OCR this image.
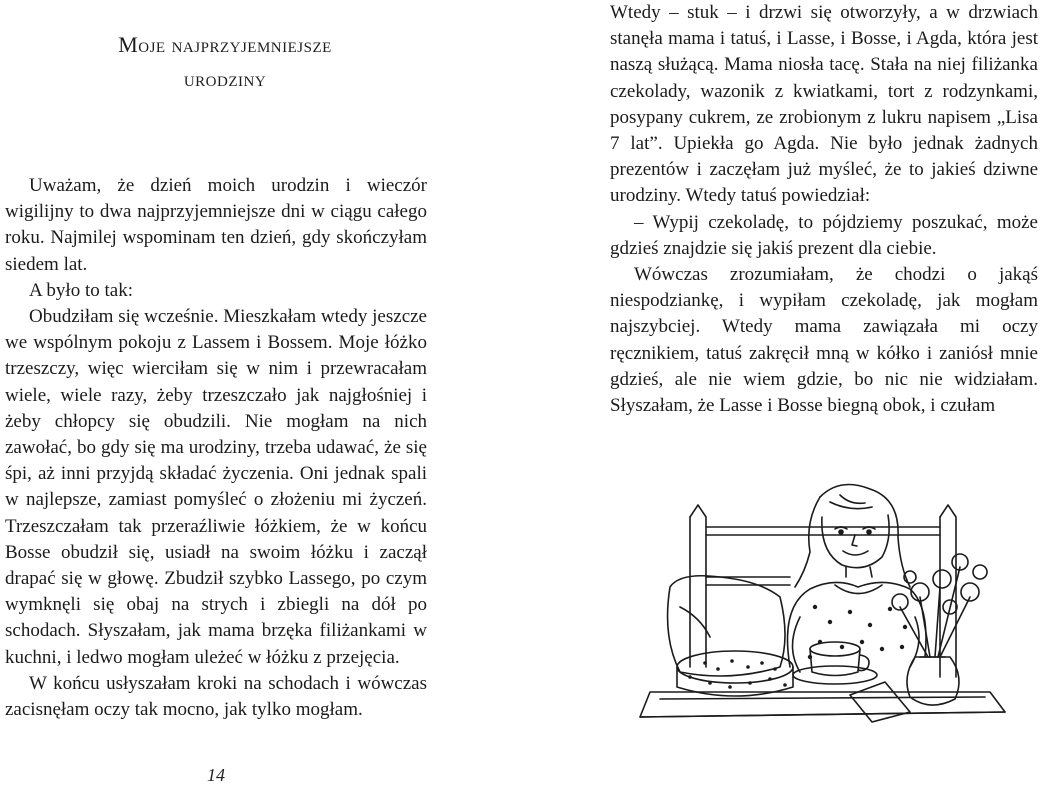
Moje najprzyjemniejsze
urodziny

Uważam, że dzień moich urodzin i wieczór wigilijny to dwa najprzyjemniejsze dni w ciągu całego roku. Najmilej wspominam ten dzień, gdy skończyłam siedem lat.

A było to tak:

Obudziłam się wcześnie. Mieszkałam wtedy jeszcze we wspólnym pokoju z Lassem i Bossem. Moje łóżko trzeszczy, więc wierciłam się w nim i przewracałam wiele, wiele razy, żeby trzeszczało jak najgłośniej i żeby chłopcy się obudzili. Nie mogłam na nich zawołać, bo gdy się ma urodziny, trzeba udawać, że się śpi, aż inni przyjdą składać życzenia. Oni jednak spali w najlepsze, zamiast pomyśleć o złożeniu mi życzeń. Trzeszczałam tak przeraźliwie łóżkiem, że w końcu Bosse obudził się, usiadł na swoim łóżku i zaczął drapać się w głowę. Zbudził szybko Lassego, po czym wymknęli się obaj na strych i zbiegli na dół po schodach. Słyszałam, jak mama brzęka filiżankami w kuchni, i ledwo mogłam uleżeć w łóżku z przejęcia.

W końcu usłyszałam kroki na schodach i wówczas zacisnęłam oczy tak mocno, jak tylko mogłam.

14

Wtedy – stuk – i drzwi się otworzyły, a w drzwiach stanęła mama i tatuś, i Lasse, i Bosse, i Agda, która jest naszą służącą. Mama niosła tacę. Stała na niej filiżanka czekolady, wazonik z kwiatkami, tort z rodzynkami, posypany cukrem, ze zrobionym z lukru napisem „Lisa 7 lat”. Upiekła go Agda. Nie było jednak żadnych prezentów i zaczęłam już myśleć, że to jakieś dziwne urodziny. Wtedy tatuś powiedział:

– Wypij czekoladę, to pójdziemy poszukać, może gdzieś znajdzie się jakiś prezent dla ciebie.

Wówczas zrozumiałam, że chodzi o jakąś niespodziankę, i wypiłam czekoladę, jak mogłam najszybciej. Wtedy mama zawiązała mi oczy ręcznikiem, tatuś zakręcił mną w kółko i zaniósł mnie gdzieś, ale nie wiem gdzie, bo nic nie widziałam. Słyszałam, że Lasse i Bosse biegną obok, i czułam
